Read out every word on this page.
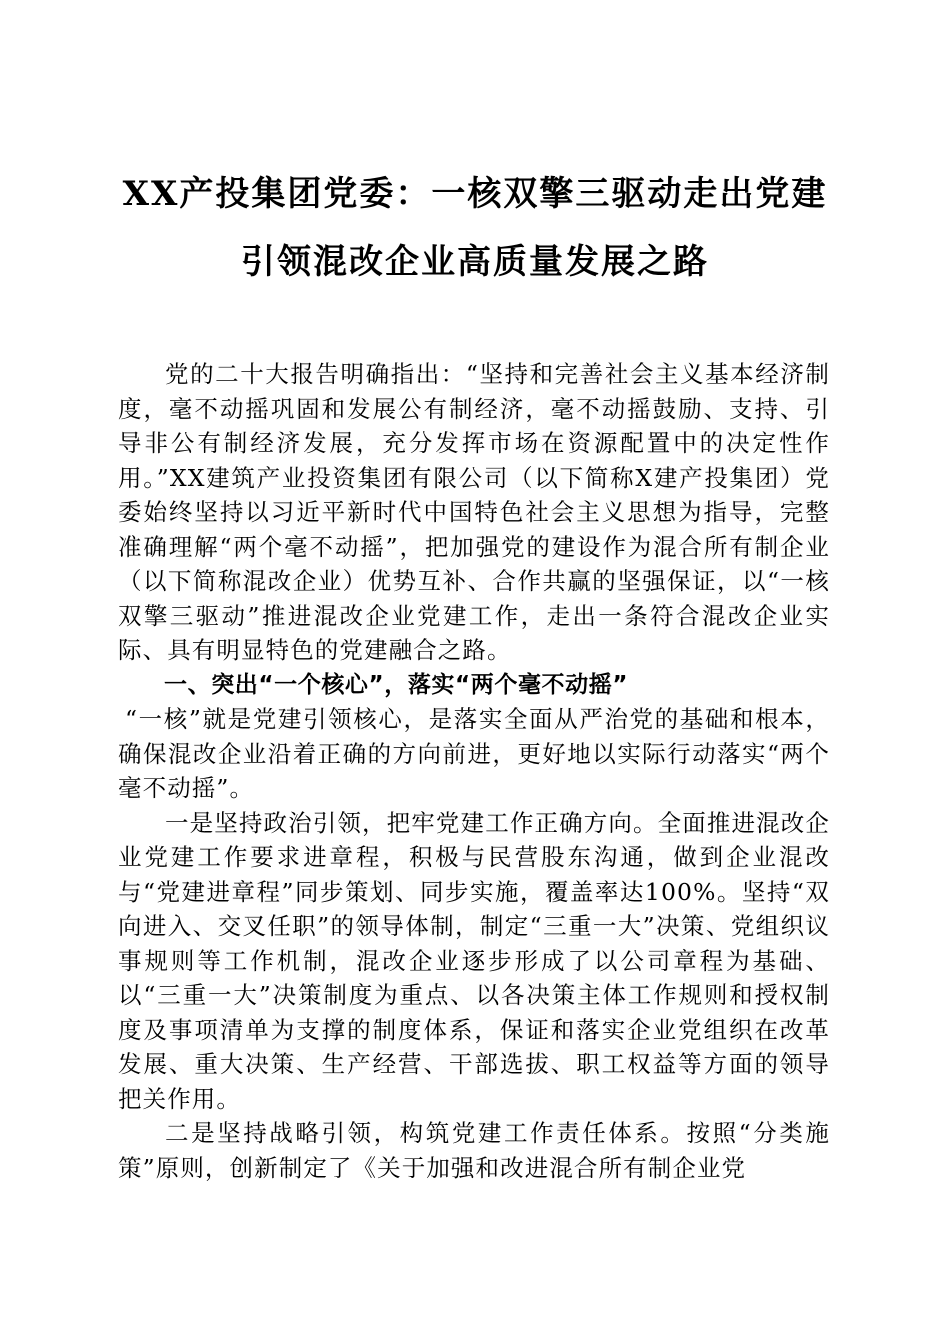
XX产投集团党委：一核双擎三驱动走出党建
引领混改企业高质量发展之路

党的二十大报告明确指出：“坚持和完善社会主义基本经济制度，毫不动摇巩固和发展公有制经济，毫不动摇鼓励、支持、引导非公有制经济发展，充分发挥市场在资源配置中的决定性作用。”XX建筑产业投资集团有限公司（以下简称X建产投集团）党委始终坚持以习近平新时代中国特色社会主义思想为指导，完整准确理解“两个毫不动摇”，把加强党的建设作为混合所有制企业（以下简称混改企业）优势互补、合作共赢的坚强保证，以“一核双擎三驱动”推进混改企业党建工作，走出一条符合混改企业实际、具有明显特色的党建融合之路。

一、突出“一个核心”，落实“两个毫不动摇”

“一核”就是党建引领核心，是落实全面从严治党的基础和根本，确保混改企业沿着正确的方向前进，更好地以实际行动落实“两个毫不动摇”。

一是坚持政治引领，把牢党建工作正确方向。全面推进混改企业党建工作要求进章程，积极与民营股东沟通，做到企业混改与“党建进章程”同步策划、同步实施，覆盖率达100%。坚持“双向进入、交叉任职”的领导体制，制定“三重一大”决策、党组织议事规则等工作机制，混改企业逐步形成了以公司章程为基础、以“三重一大”决策制度为重点、以各决策主体工作规则和授权制度及事项清单为支撑的制度体系，保证和落实企业党组织在改革发展、重大决策、生产经营、干部选拔、职工权益等方面的领导把关作用。

二是坚持战略引领，构筑党建工作责任体系。按照“分类施策”原则，创新制定了《关于加强和改进混合所有制企业党
